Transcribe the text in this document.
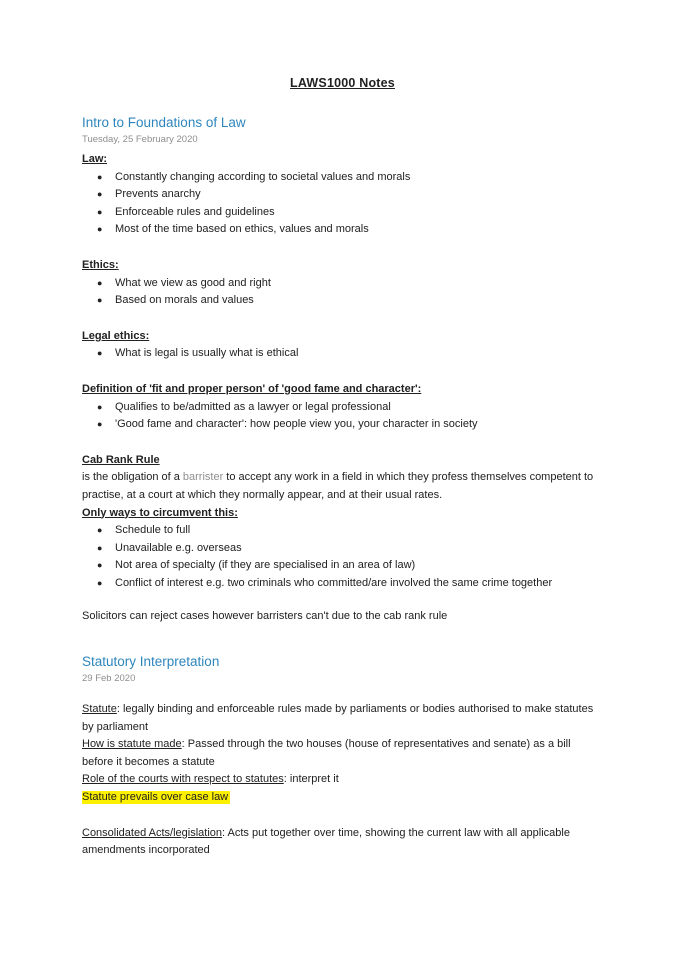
LAWS1000 Notes
Intro to Foundations of Law
Tuesday, 25 February 2020
Law:
●	Constantly changing according to societal values and morals
●	Prevents anarchy
●	Enforceable rules and guidelines
●	Most of the time based on ethics, values and morals
Ethics:
●	What we view as good and right
●	Based on morals and values
Legal ethics:
●	What is legal is usually what is ethical
Definition of 'fit and proper person' of 'good fame and character':
●	Qualifies to be/admitted as a lawyer or legal professional
●	'Good fame and character': how people view you, your character in society
Cab Rank Rule

is the obligation of a barrister to accept any work in a field in which they profess themselves competent to practise, at a court at which they normally appear, and at their usual rates.

Only ways to circumvent this:
●	Schedule to full
●	Unavailable e.g. overseas
●	Not area of specialty (if they are specialised in an area of law)
●	Conflict of interest e.g. two criminals who committed/are involved the same crime together

Solicitors can reject cases however barristers can't due to the cab rank rule

Statutory Interpretation
29 Feb 2020

Statute: legally binding and enforceable rules made by parliaments or bodies authorised to make statutes by parliament

How is statute made: Passed through the two houses (house of representatives and senate) as a bill before it becomes a statute

Role of the courts with respect to statutes: interpret it

Statute prevails over case law

Consolidated Acts/legislation: Acts put together over time, showing the current law with all applicable amendments incorporated
